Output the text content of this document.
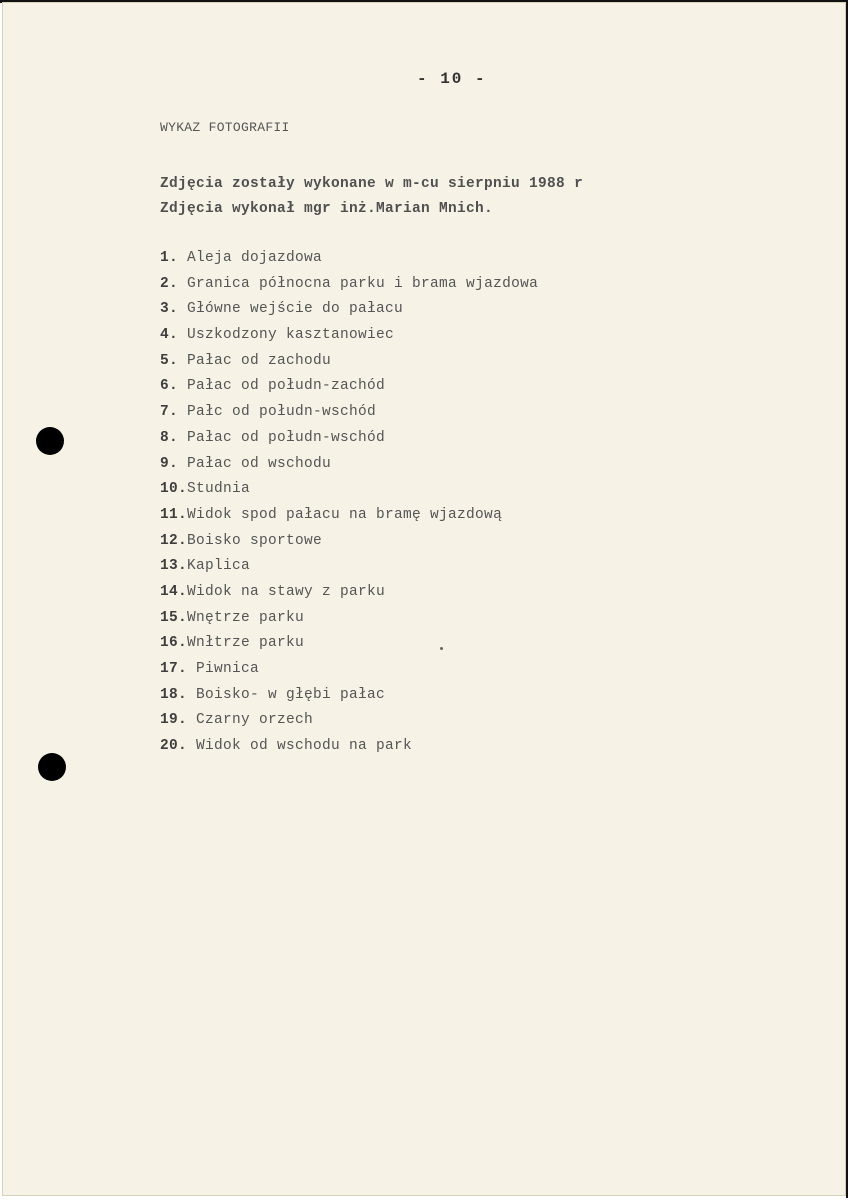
- 10 -
WYKAZ FOTOGRAFII
Zdjęcia zostały wykonane w m-cu sierpniu 1988 r
Zdjęcia wykonał mgr inż.Marian Mnich.
1. Aleja dojazdowa
2. Granica północna parku i brama wjazdowa
3. Główne wejście do pałacu
4. Uszkodzony kasztanowiec
5. Pałac od zachodu
6. Pałac od połudn-zachód
7. Pałc od połudn-wschód
8. Pałac od połudn-wschód
9. Pałac od wschodu
10.Studnia
11.Widok spod pałacu na bramę wjazdową
12.Boisko sportowe
13.Kaplica
14.Widok na stawy z parku
15.Wnętrze parku
16.Wnłtrze parku
17. Piwnica
18. Boisko- w głębi pałac
19. Czarny orzech
20. Widok od wschodu na park
